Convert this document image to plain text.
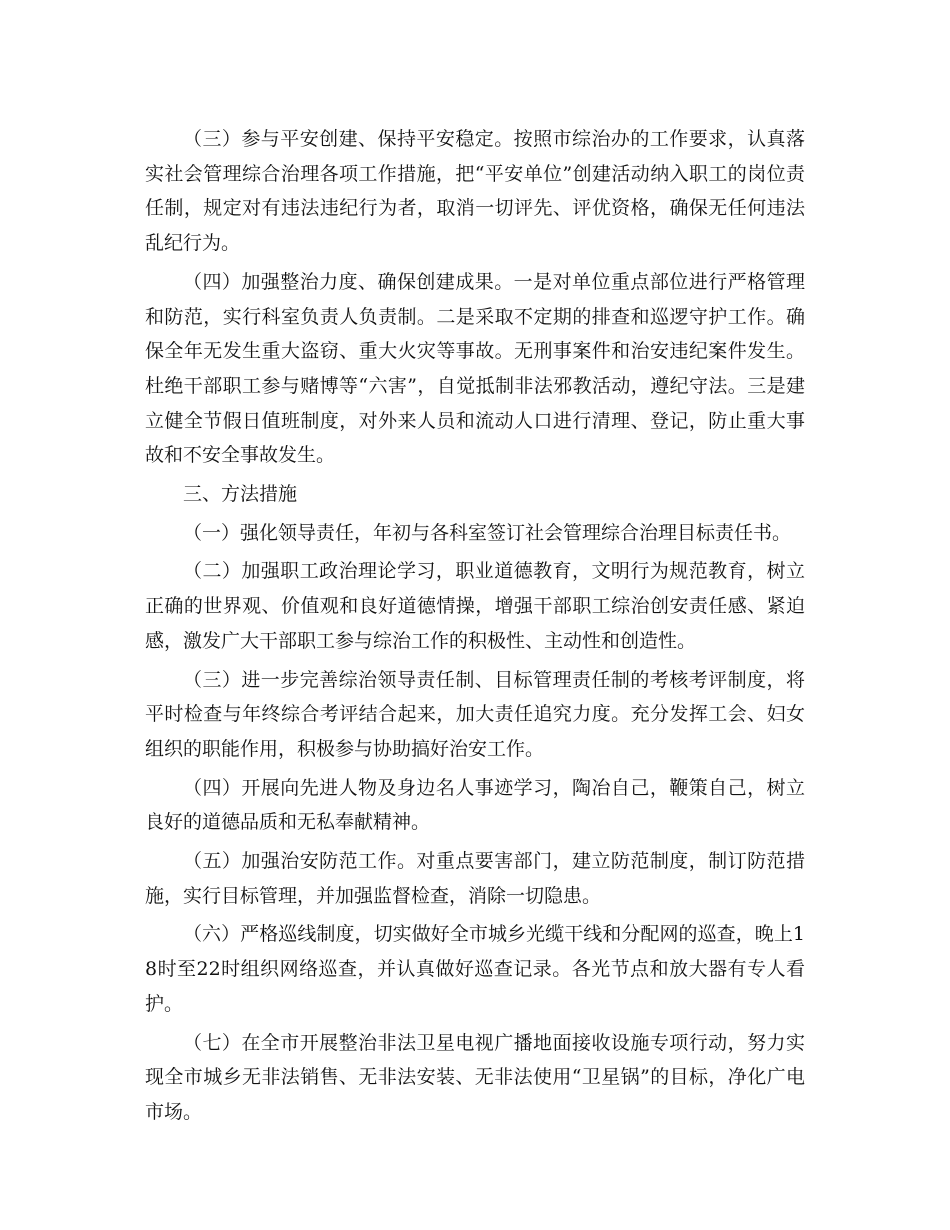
（三）参与平安创建、保持平安稳定。按照市综治办的工作要求，认真落实社会管理综合治理各项工作措施，把“平安单位”创建活动纳入职工的岗位责任制，规定对有违法违纪行为者，取消一切评先、评优资格，确保无任何违法乱纪行为。

（四）加强整治力度、确保创建成果。一是对单位重点部位进行严格管理和防范，实行科室负责人负责制。二是采取不定期的排查和巡逻守护工作。确保全年无发生重大盗窃、重大火灾等事故。无刑事案件和治安违纪案件发生。杜绝干部职工参与赌博等“六害”，自觉抵制非法邪教活动，遵纪守法。三是建立健全节假日值班制度，对外来人员和流动人口进行清理、登记，防止重大事故和不安全事故发生。

三、方法措施

（一）强化领导责任，年初与各科室签订社会管理综合治理目标责任书。

（二）加强职工政治理论学习，职业道德教育，文明行为规范教育，树立正确的世界观、价值观和良好道德情操，增强干部职工综治创安责任感、紧迫感，激发广大干部职工参与综治工作的积极性、主动性和创造性。

（三）进一步完善综治领导责任制、目标管理责任制的考核考评制度，将平时检查与年终综合考评结合起来，加大责任追究力度。充分发挥工会、妇女组织的职能作用，积极参与协助搞好治安工作。

（四）开展向先进人物及身边名人事迹学习，陶冶自己，鞭策自己，树立良好的道德品质和无私奉献精神。

（五）加强治安防范工作。对重点要害部门，建立防范制度，制订防范措施，实行目标管理，并加强监督检查，消除一切隐患。

（六）严格巡线制度，切实做好全市城乡光缆干线和分配网的巡查，晚上18时至22时组织网络巡查，并认真做好巡查记录。各光节点和放大器有专人看护。

（七）在全市开展整治非法卫星电视广播地面接收设施专项行动，努力实现全市城乡无非法销售、无非法安装、无非法使用“卫星锅”的目标，净化广电市场。
